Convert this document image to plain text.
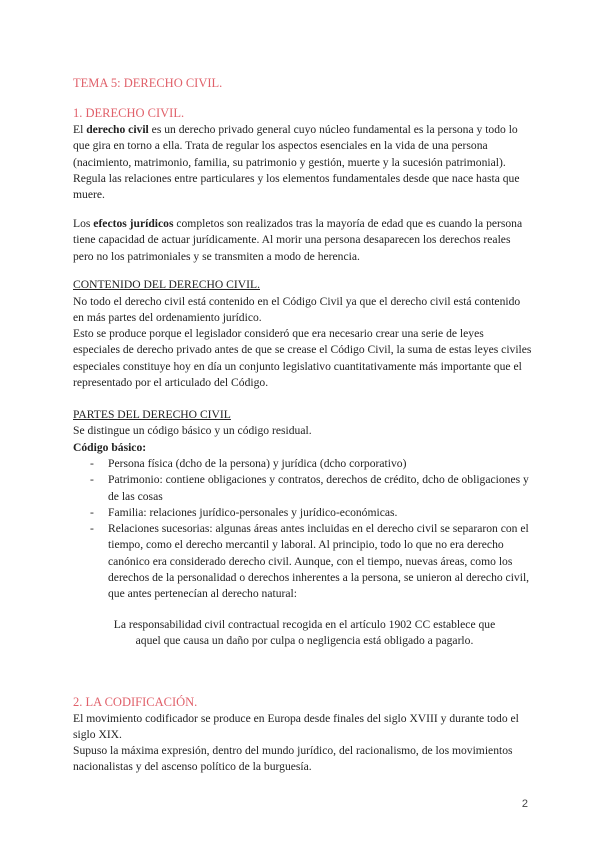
TEMA 5: DERECHO CIVIL.
1. DERECHO CIVIL.

El derecho civil es un derecho privado general cuyo núcleo fundamental es la persona y todo lo que gira en torno a ella. Trata de regular los aspectos esenciales en la vida de una persona (nacimiento, matrimonio, familia, su patrimonio y gestión, muerte y la sucesión patrimonial). Regula las relaciones entre particulares y los elementos fundamentales desde que nace hasta que muere.

Los efectos jurídicos completos son realizados tras la mayoría de edad que es cuando la persona tiene capacidad de actuar jurídicamente. Al morir una persona desaparecen los derechos reales pero no los patrimoniales y se transmiten a modo de herencia.

CONTENIDO DEL DERECHO CIVIL.

No todo el derecho civil está contenido en el Código Civil ya que el derecho civil está contenido en más partes del ordenamiento jurídico.

Esto se produce porque el legislador consideró que era necesario crear una serie de leyes especiales de derecho privado antes de que se crease el Código Civil, la suma de estas leyes civiles especiales constituye hoy en día un conjunto legislativo cuantitativamente más importante que el representado por el articulado del Código.

PARTES DEL DERECHO CIVIL

Se distingue un código básico y un código residual.

Código básico:

- Persona física (dcho de la persona) y jurídica (dcho corporativo)
- Patrimonio: contiene obligaciones y contratos, derechos de crédito, dcho de obligaciones y de las cosas
- Familia: relaciones jurídico-personales y jurídico-económicas.
- Relaciones sucesorias: algunas áreas antes incluidas en el derecho civil se separaron con el tiempo, como el derecho mercantil y laboral. Al principio, todo lo que no era derecho canónico era considerado derecho civil. Aunque, con el tiempo, nuevas áreas, como los derechos de la personalidad o derechos inherentes a la persona, se unieron al derecho civil, que antes pertenecían al derecho natural:

La responsabilidad civil contractual recogida en el artículo 1902 CC establece que aquel que causa un daño por culpa o negligencia está obligado a pagarlo.

2. LA CODIFICACIÓN.

El movimiento codificador se produce en Europa desde finales del siglo XVIII y durante todo el siglo XIX.

Supuso la máxima expresión, dentro del mundo jurídico, del racionalismo, de los movimientos nacionalistas y del ascenso político de la burguesía.

2
